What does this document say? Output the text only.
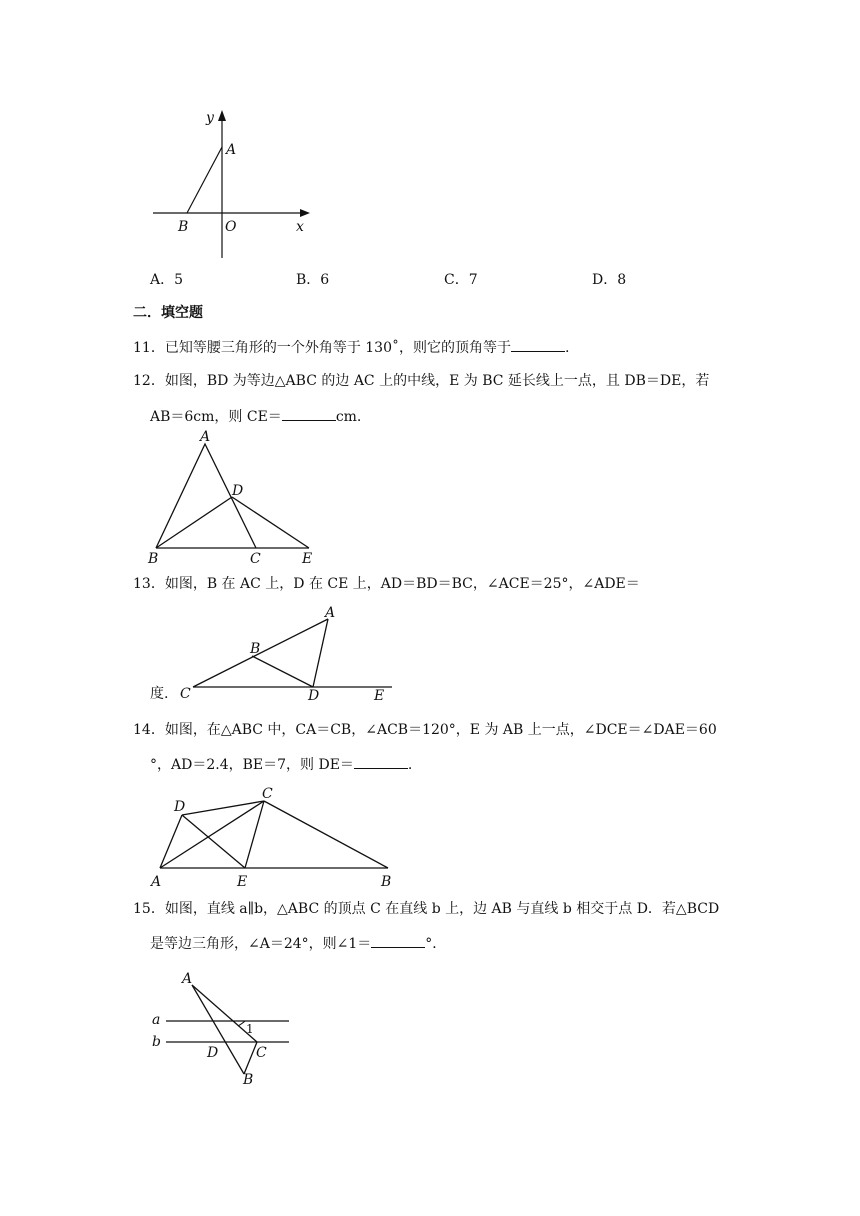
y
A
B	O	x
A．5	B．6	C．7	D．8
二．填空题
11．已知等腰三角形的一个外角等于 130˚，则它的顶角等于	.
12．如图，BD 为等边△ABC 的边 AC 上的中线，E 为 BC 延长线上一点，且 DB＝DE，若
AB＝6cm，则 CE＝	cm.
A
D
B	C	E
13．如图，B 在 AC 上，D 在 CE 上，AD＝BD＝BC，∠ACE＝25°，∠ADE＝
度.
A
B
C	D	E
14．如图，在△ABC 中，CA＝CB，∠ACB＝120°，E 为 AB 上一点，∠DCE＝∠DAE＝60
°，AD＝2.4，BE＝7，则 DE＝	.
D
C
A	E	B
15．如图，直线 a∥b，△ABC 的顶点 C 在直线 b 上，边 AB 与直线 b 相交于点 D．若△BCD
是等边三角形，∠A＝24°，则∠1＝	°．
A
a
b
1
D	C
B
